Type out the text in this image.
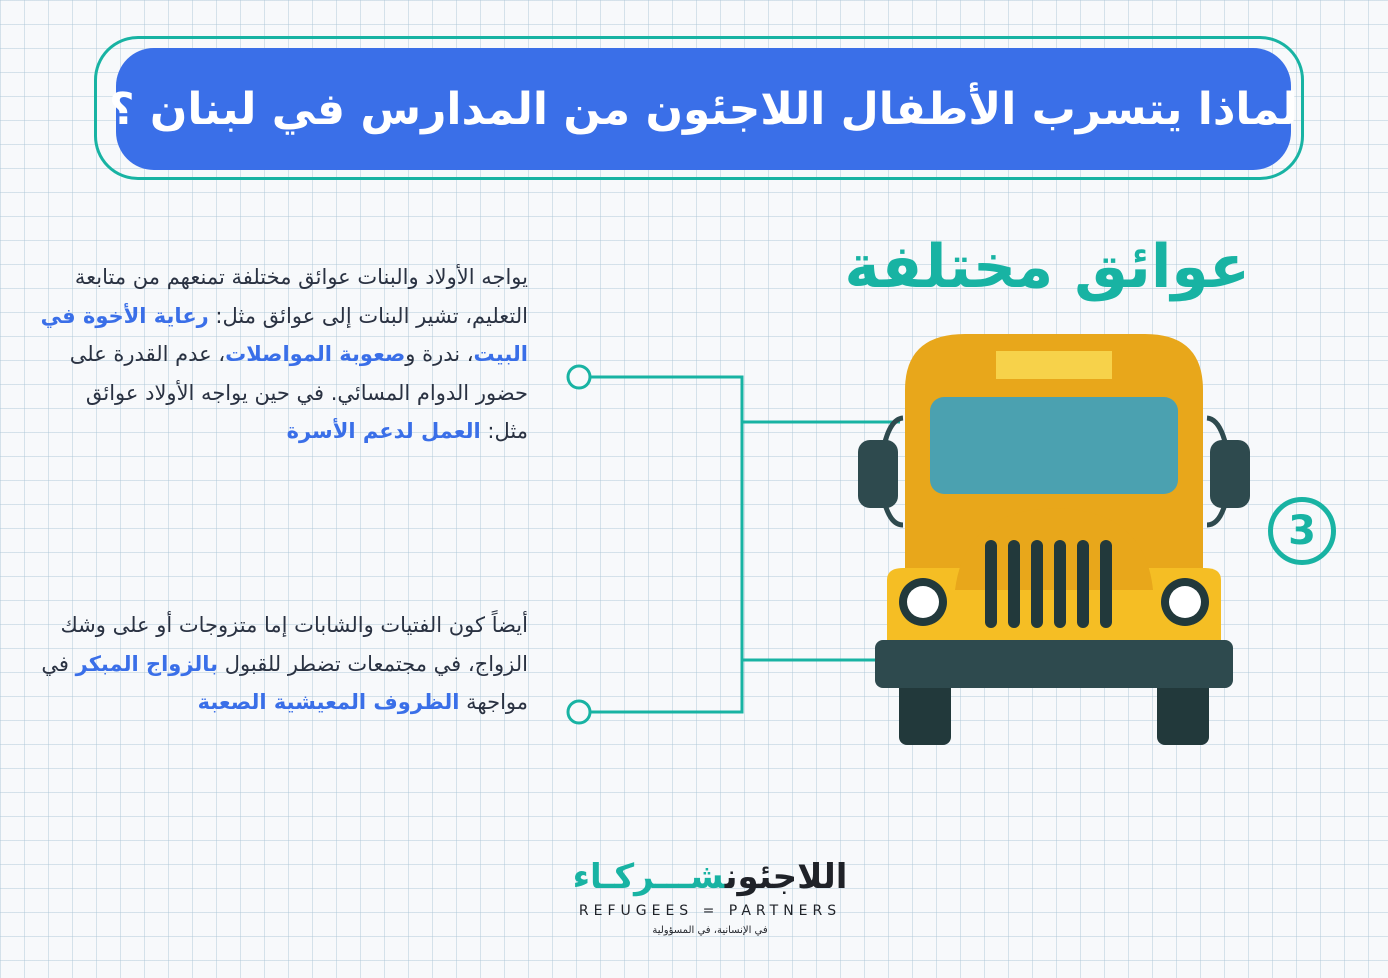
لماذا يتسرب الأطفال اللاجئون من المدارس في لبنان ؟
عوائق مختلفة
يواجه الأولاد والبنات عوائق مختلفة تمنعهم من متابعة التعليم، تشير البنات إلى عوائق مثل: رعاية الأخوة في البيت، ندرة وصعوبة المواصلات، عدم القدرة على حضور الدوام المسائي. في حين يواجه الأولاد عوائق مثل: العمل لدعم الأسرة
أيضاً كون الفتيات والشابات إما متزوجات أو على وشك الزواج، في مجتمعات تضطر للقبول بالزواج المبكر في مواجهة الظروف المعيشية الصعبة
3
اللاجئونشـــركـاء
REFUGEES = PARTNERS
في الإنسانية، في المسؤولية
